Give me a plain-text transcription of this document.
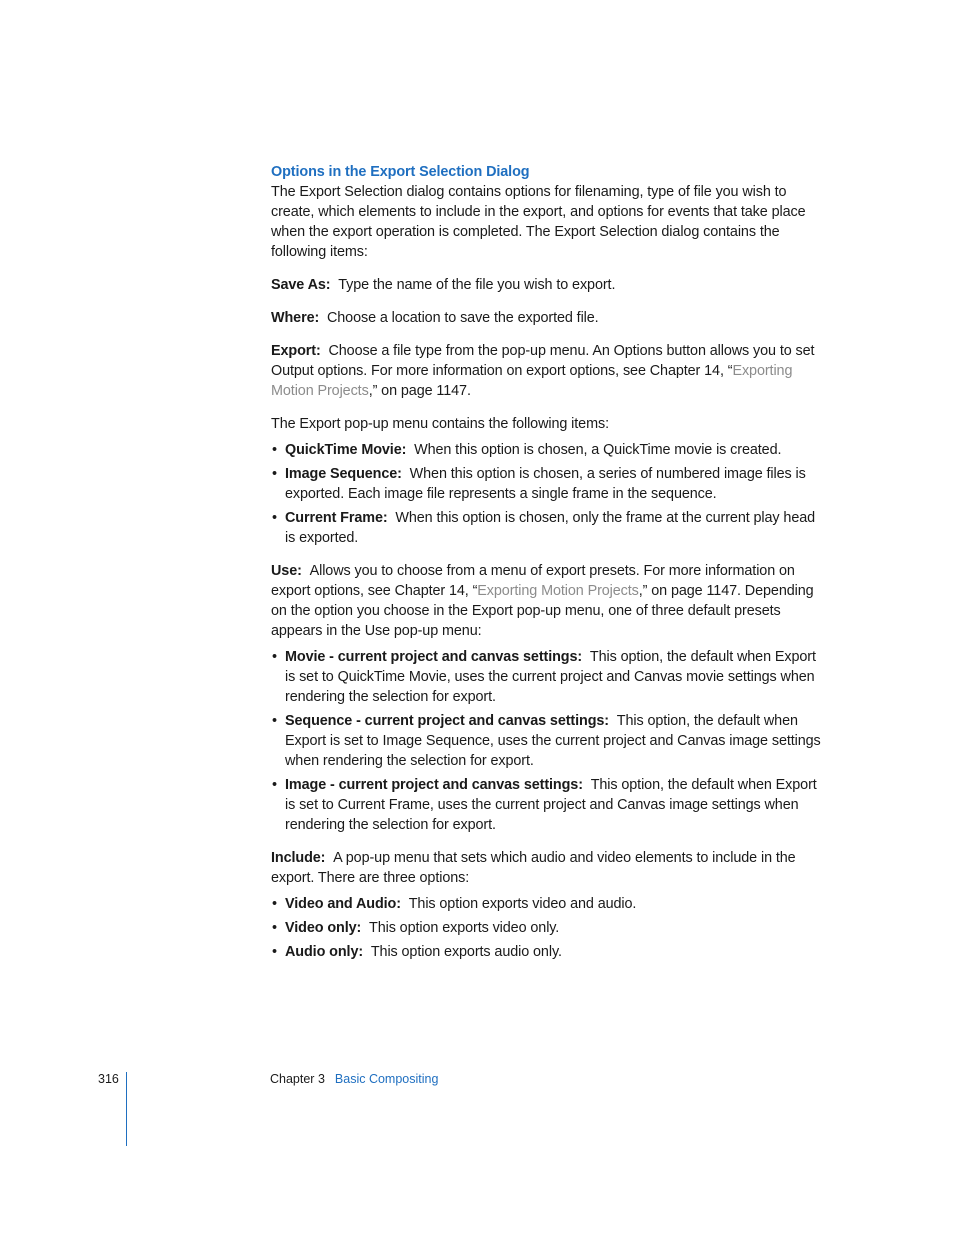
Options in the Export Selection Dialog

The Export Selection dialog contains options for filenaming, type of file you wish to create, which elements to include in the export, and options for events that take place when the export operation is completed. The Export Selection dialog contains the following items:

Save As: Type the name of the file you wish to export.

Where: Choose a location to save the exported file.

Export: Choose a file type from the pop-up menu. An Options button allows you to set Output options. For more information on export options, see Chapter 14, “Exporting Motion Projects,” on page 1147.

The Export pop-up menu contains the following items:

• QuickTime Movie: When this option is chosen, a QuickTime movie is created.
• Image Sequence: When this option is chosen, a series of numbered image files is exported. Each image file represents a single frame in the sequence.
• Current Frame: When this option is chosen, only the frame at the current play head is exported.

Use: Allows you to choose from a menu of export presets. For more information on export options, see Chapter 14, “Exporting Motion Projects,” on page 1147. Depending on the option you choose in the Export pop-up menu, one of three default presets appears in the Use pop-up menu:

• Movie - current project and canvas settings: This option, the default when Export is set to QuickTime Movie, uses the current project and Canvas movie settings when rendering the selection for export.
• Sequence - current project and canvas settings: This option, the default when Export is set to Image Sequence, uses the current project and Canvas image settings when rendering the selection for export.
• Image - current project and canvas settings: This option, the default when Export is set to Current Frame, uses the current project and Canvas image settings when rendering the selection for export.

Include: A pop-up menu that sets which audio and video elements to include in the export. There are three options:

• Video and Audio: This option exports video and audio.
• Video only: This option exports video only.
• Audio only: This option exports audio only.
316	Chapter 3 Basic Compositing
